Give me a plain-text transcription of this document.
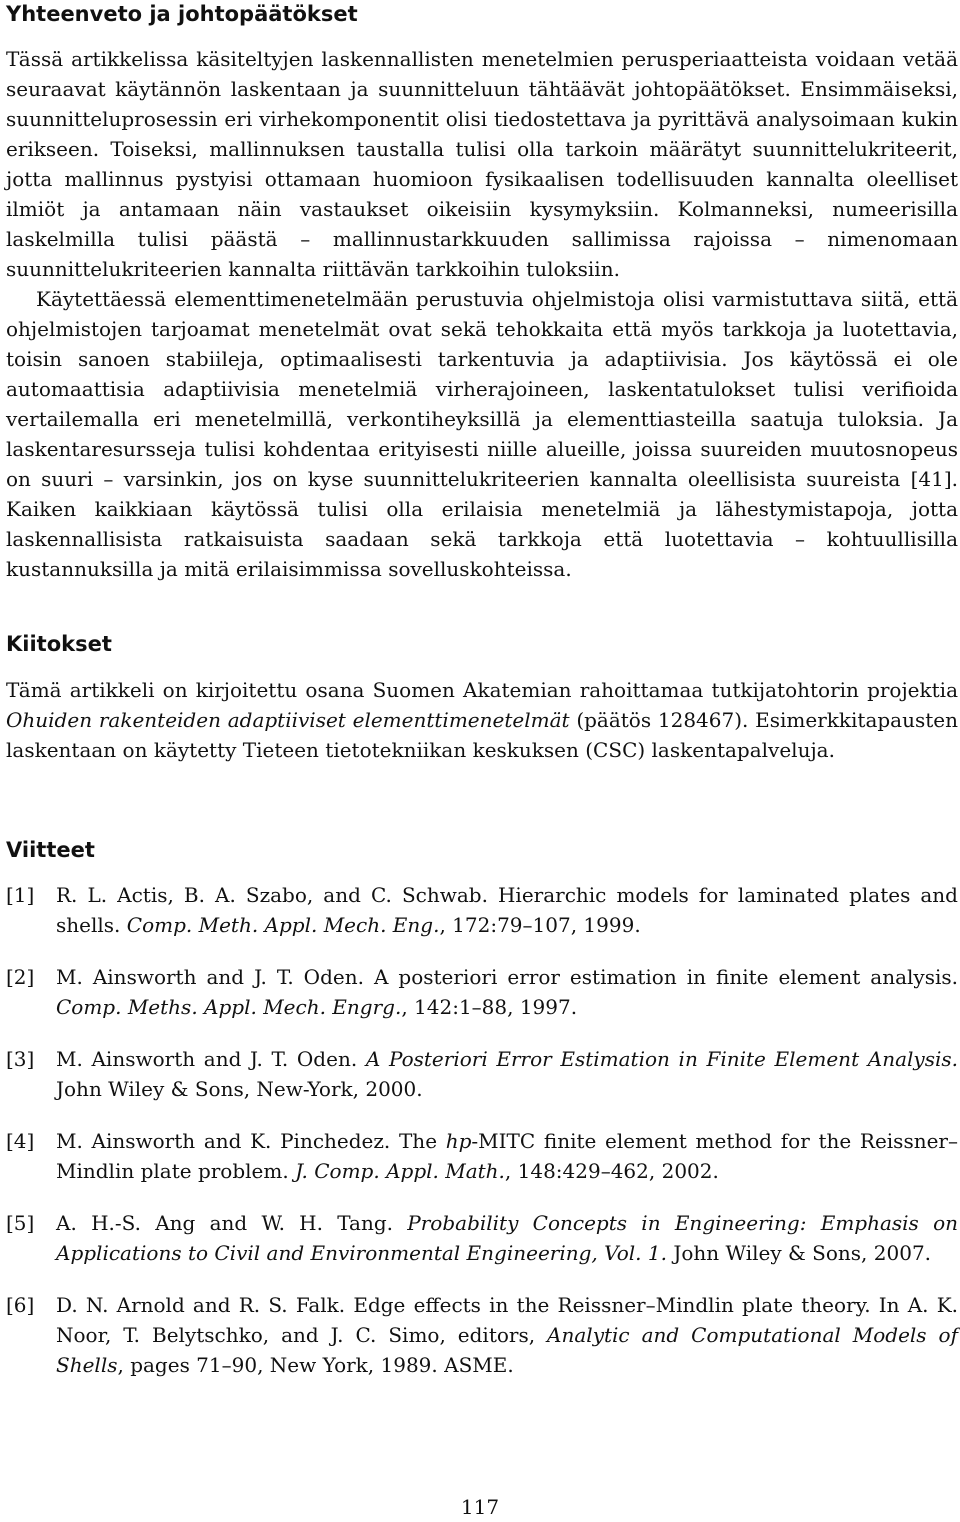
Yhteenveto ja johtopäätökset

Tässä artikkelissa käsiteltyjen laskennallisten menetelmien perusperiaatteista voidaan vetää seuraavat käytännön laskentaan ja suunnitteluun tähtäävät johtopäätökset. Ensimmäiseksi, suunnitteluprosessin eri virhekomponentit olisi tiedostettava ja pyrittävä analysoimaan kukin erikseen. Toiseksi, mallinnuksen taustalla tulisi olla tarkoin määrätyt suunnittelukriteerit, jotta mallinnus pystyisi ottamaan huomioon fysikaalisen todellisuuden kannalta oleelliset ilmiöt ja antamaan näin vastaukset oikeisiin kysymyksiin. Kolmanneksi, numeerisilla laskelmilla tulisi päästä – mallinnustarkkuuden sallimissa rajoissa – nimenomaan suunnittelukriteerien kannalta riittävän tarkkoihin tuloksiin.

Käytettäessä elementtimenetelmään perustuvia ohjelmistoja olisi varmistuttava siitä, että ohjelmistojen tarjoamat menetelmät ovat sekä tehokkaita että myös tarkkoja ja luotettavia, toisin sanoen stabiileja, optimaalisesti tarkentuvia ja adaptiivisia. Jos käytössä ei ole automaattisia adaptiivisia menetelmiä virherajoineen, laskentatulokset tulisi verifioida vertailemalla eri menetelmillä, verkontiheyksillä ja elementtiasteilla saatuja tuloksia. Ja laskentaresursseja tulisi kohdentaa erityisesti niille alueille, joissa suureiden muutosnopeus on suuri – varsinkin, jos on kyse suunnittelukriteerien kannalta oleellisista suureista [41]. Kaiken kaikkiaan käytössä tulisi olla erilaisia menetelmiä ja lähestymistapoja, jotta laskennallisista ratkaisuista saadaan sekä tarkkoja että luotettavia – kohtuullisilla kustannuksilla ja mitä erilaisimmissa sovelluskohteissa.

Kiitokset

Tämä artikkeli on kirjoitettu osana Suomen Akatemian rahoittamaa tutkijatohtorin projektia Ohuiden rakenteiden adaptiiviset elementtimenetelmät (päätös 128467). Esimerkkitapausten laskentaan on käytetty Tieteen tietotekniikan keskuksen (CSC) laskentapalveluja.

Viitteet
[1]	R. L. Actis, B. A. Szabo, and C. Schwab. Hierarchic models for laminated plates and shells. Comp. Meth. Appl. Mech. Eng., 172:79–107, 1999.
[2]	M. Ainsworth and J. T. Oden. A posteriori error estimation in finite element analysis. Comp. Meths. Appl. Mech. Engrg., 142:1–88, 1997.
[3]	M. Ainsworth and J. T. Oden. A Posteriori Error Estimation in Finite Element Analysis. John Wiley & Sons, New-York, 2000.
[4]	M. Ainsworth and K. Pinchedez. The hp-MITC finite element method for the Reissner–Mindlin plate problem. J. Comp. Appl. Math., 148:429–462, 2002.
[5]	A. H.-S. Ang and W. H. Tang. Probability Concepts in Engineering: Emphasis on Applications to Civil and Environmental Engineering, Vol. 1. John Wiley & Sons, 2007.
[6]	D. N. Arnold and R. S. Falk. Edge effects in the Reissner–Mindlin plate theory. In A. K. Noor, T. Belytschko, and J. C. Simo, editors, Analytic and Computational Models of Shells, pages 71–90, New York, 1989. ASME.
117
